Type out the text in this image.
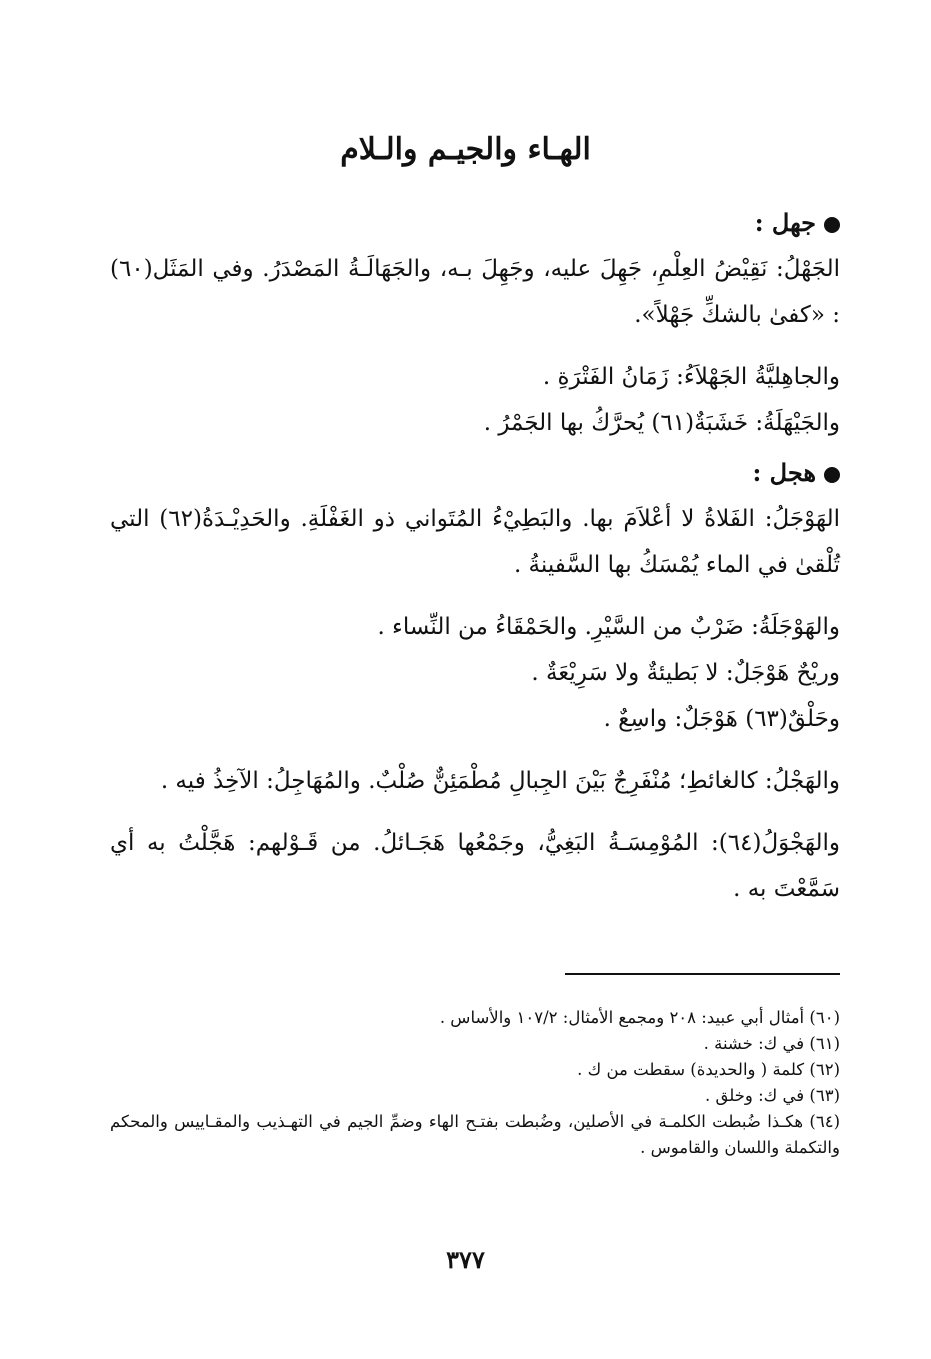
الهـاء والجيـم والـلام
جهل :
الجَهْلُ: نَقِيْضُ العِلْمِ، جَهِلَ عليه، وجَهِلَ بـه، والجَهَالَـةُ المَصْدَرُ. وفي المَثَل(٦٠) : «كفىٰ بالشكِّ جَهْلاً».
والجاهِليَّةُ الجَهْلاَءُ: زَمَانُ الفَتْرَةِ .
والجَيْهَلَةُ: خَشَبَةٌ(٦١) يُحرَّكُ بها الجَمْرُ .
هجل :
الهَوْجَلُ: الفَلاةُ لا أعْلاَمَ بها. والبَطِيْءُ المُتَواني ذو الغَفْلَةِ. والحَدِيْـدَةُ(٦٢) التي تُلْقىٰ في الماء يُمْسَكُ بها السَّفينةُ .
والهَوْجَلَةُ: ضَرْبٌ من السَّيْرِ. والحَمْقَاءُ من النِّساء .
وريْحٌ هَوْجَلٌ: لا بَطيئةٌ ولا سَرِيْعَةٌ .
وحَلْقٌ(٦٣) هَوْجَلٌ: واسِعٌ .
والهَجْلُ: كالغائطِ؛ مُنْفَرِجٌ بَيْنَ الجِبالِ مُطْمَئِنٌّ صُلْبٌ. والمُهَاجِلُ: الآخِذُ فيه .
والهَجْوَلُ(٦٤): المُوْمِسَـةُ البَغِيُّ، وجَمْعُها هَجَـائلُ. من قَـوْلهم: هَجَّلْتُ به أي سَمَّعْتَ به .
(٦٠) أمثال أبي عبيد: ٢٠٨ ومجمع الأمثال: ١٠٧/٢ والأساس .
(٦١) في ك: خشنة .
(٦٢) كلمة ( والحديدة) سقطت من ك .
(٦٣) في ك: وخلق .
(٦٤) هكـذا ضُبطت الكلمـة في الأصلين، وضُبطت بفتـح الهاء وضمِّ الجيم في التهـذيب والمقـاييس والمحكم والتكملة واللسان والقاموس .
٣٧٧
